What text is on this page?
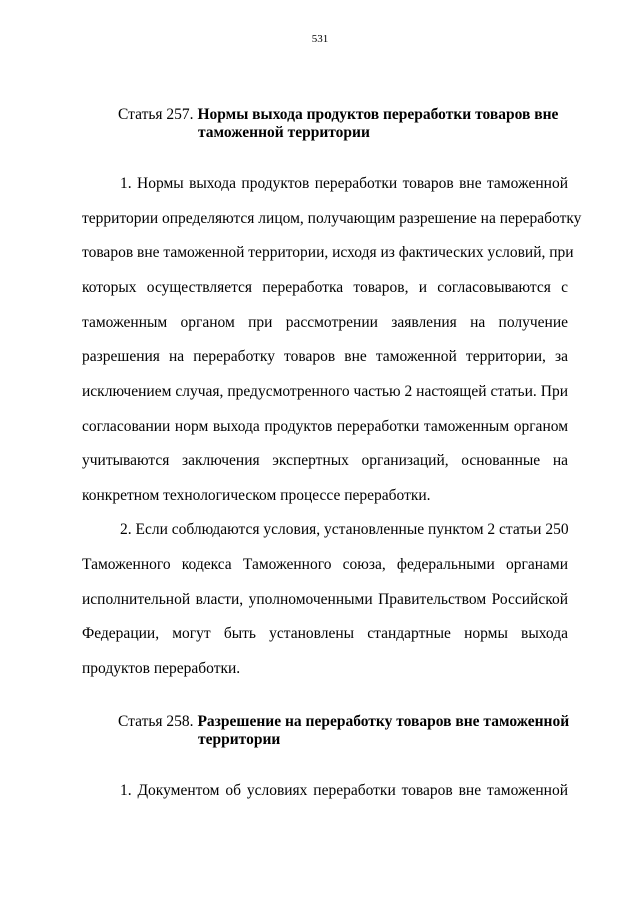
531
Статья 257. Нормы выхода продуктов переработки товаров вне
таможенной территории
1. Нормы выхода продуктов переработки товаров вне таможенной
территории определяются лицом, получающим разрешение на переработку
товаров вне таможенной территории, исходя из фактических условий, при
которых осуществляется переработка товаров, и согласовываются с
таможенным органом при рассмотрении заявления на получение
разрешения на переработку товаров вне таможенной территории, за
исключением случая, предусмотренного частью 2 настоящей статьи. При
согласовании норм выхода продуктов переработки таможенным органом
учитываются заключения экспертных организаций, основанные на
конкретном технологическом процессе переработки.
2. Если соблюдаются условия, установленные пунктом 2 статьи 250
Таможенного кодекса Таможенного союза, федеральными органами
исполнительной власти, уполномоченными Правительством Российской
Федерации, могут быть установлены стандартные нормы выхода
продуктов переработки.
Статья 258. Разрешение на переработку товаров вне таможенной
территории
1. Документом об условиях переработки товаров вне таможенной
